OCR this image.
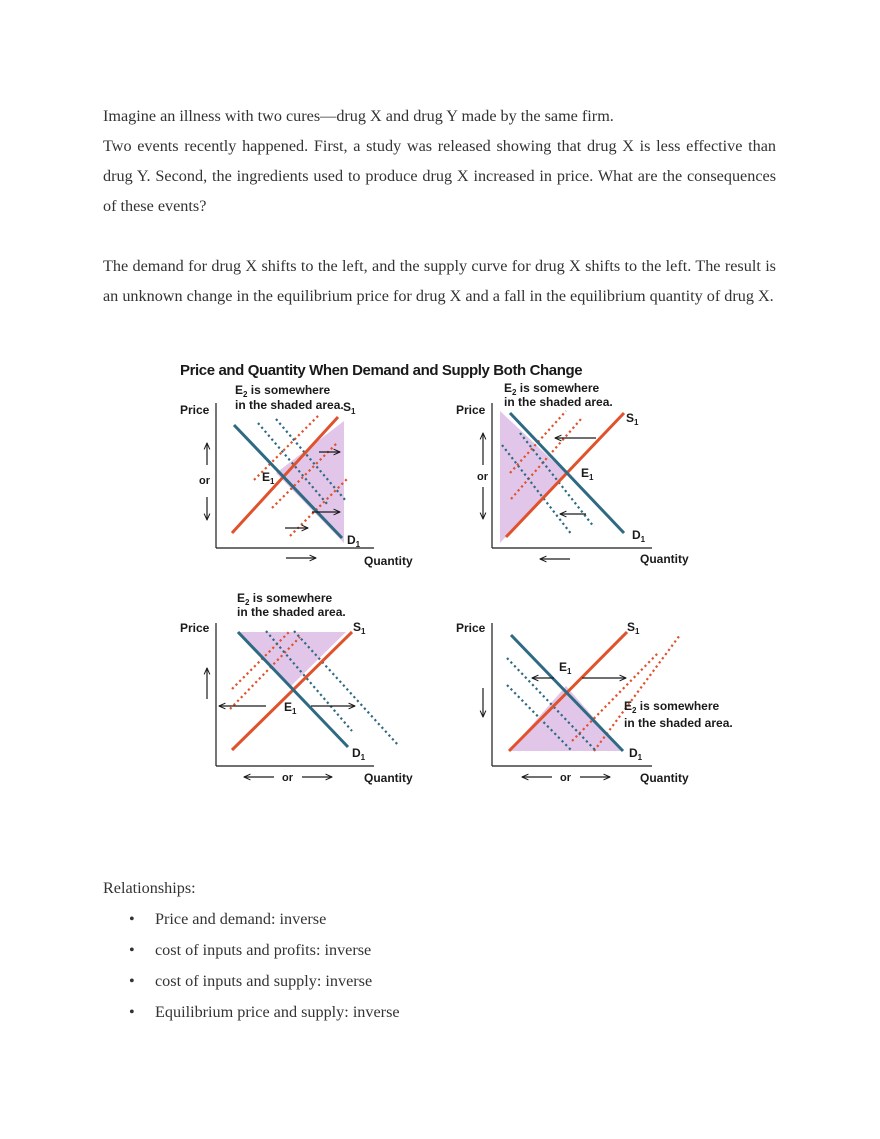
Imagine an illness with two cures—drug X and drug Y made by the same firm.
Two events recently happened. First, a study was released showing that drug X is less effective than drug Y. Second, the ingredients used to produce drug X increased in price. What are the consequences of these events?

The demand for drug X shifts to the left, and the supply curve for drug X shifts to the left. The result is an unknown change in the equilibrium price for drug X and a fall in the equilibrium quantity of drug X.

Price and Quantity When Demand and Supply Both Change
or
Price
Quantity
$E_2$ is somewhere
in the shaded area. $S_1$
$D_1$
$E_1$	or
Price
Quantity
$E_2$ is somewhere
in the shaded area.
$S_1$
$D_1$
$E_1$
Price
Quantity
or
$E_2$ is somewhere
in the shaded area.
$S_1$
$D_1$
$E_1$
Price
Quantity
or
$E_2$ is somewhere
in the shaded area.
$S_1$
$D_1$
$E_1$
Relationships:
• Price and demand: inverse
• cost of inputs and profits: inverse
• cost of inputs and supply: inverse
• Equilibrium price and supply: inverse
